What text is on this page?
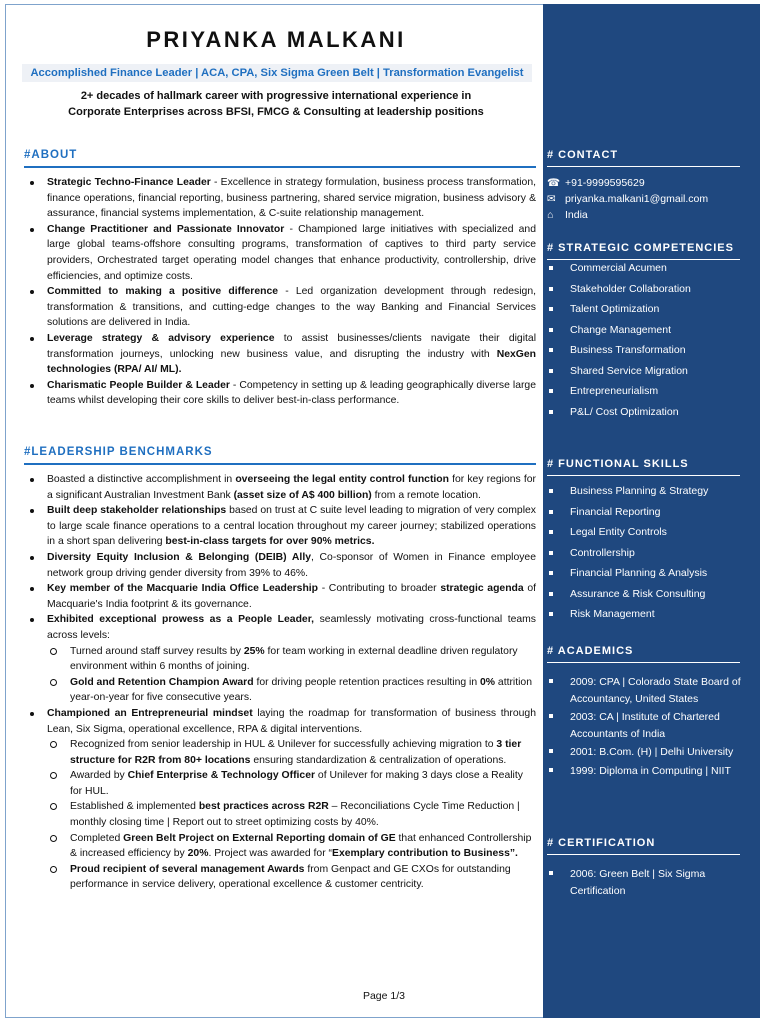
PRIYANKA MALKANI
Accomplished Finance Leader | ACA, CPA, Six Sigma Green Belt | Transformation Evangelist
2+ decades of hallmark career with progressive international experience in Corporate Enterprises across BFSI, FMCG & Consulting at leadership positions
#ABOUT
Strategic Techno-Finance Leader - Excellence in strategy formulation, business process transformation, finance operations, financial reporting, business partnering, shared service migration, business advisory & assurance, financial systems implementation, & C-suite relationship management.
Change Practitioner and Passionate Innovator - Championed large initiatives with specialized and large global teams-offshore consulting programs, transformation of captives to third party service providers, Orchestrated target operating model changes that enhance productivity, controllership, drive efficiencies, and optimize costs.
Committed to making a positive difference - Led organization development through redesign, transformation & transitions, and cutting-edge changes to the way Banking and Financial Services solutions are delivered in India.
Leverage strategy & advisory experience to assist businesses/clients navigate their digital transformation journeys, unlocking new business value, and disrupting the industry with NexGen technologies (RPA/ AI/ ML).
Charismatic People Builder & Leader - Competency in setting up & leading geographically diverse large teams whilst developing their core skills to deliver best-in-class performance.
#LEADERSHIP BENCHMARKS
Boasted a distinctive accomplishment in overseeing the legal entity control function for key regions for a significant Australian Investment Bank (asset size of A$ 400 billion) from a remote location.
Built deep stakeholder relationships based on trust at C suite level leading to migration of very complex to large scale finance operations to a central location throughout my career journey; stabilized operations in a short span delivering best-in-class targets for over 90% metrics.
Diversity Equity Inclusion & Belonging (DEIB) Ally, Co-sponsor of Women in Finance employee network group driving gender diversity from 39% to 46%.
Key member of the Macquarie India Office Leadership - Contributing to broader strategic agenda of Macquarie's India footprint & its governance.
Exhibited exceptional prowess as a People Leader, seamlessly motivating cross-functional teams across levels:
Turned around staff survey results by 25% for team working in external deadline driven regulatory environment within 6 months of joining.
Gold and Retention Champion Award for driving people retention practices resulting in 0% attrition year-on-year for five consecutive years.
Championed an Entrepreneurial mindset laying the roadmap for transformation of business through Lean, Six Sigma, operational excellence, RPA & digital interventions.
Recognized from senior leadership in HUL & Unilever for successfully achieving migration to 3 tier structure for R2R from 80+ locations ensuring standardization & centralization of operations.
Awarded by Chief Enterprise & Technology Officer of Unilever for making 3 days close a Reality for HUL.
Established & implemented best practices across R2R – Reconciliations Cycle Time Reduction | monthly closing time | Report out to street optimizing costs by 40%.
Completed Green Belt Project on External Reporting domain of GE that enhanced Controllership & increased efficiency by 20%. Project was awarded for “Exemplary contribution to Business”.
Proud recipient of several management Awards from Genpact and GE CXOs for outstanding performance in service delivery, operational excellence & customer centricity.
Page 1/3
# CONTACT
☎ +91-9999595629
✉ priyanka.malkani1@gmail.com
⌂ India
# STRATEGIC COMPETENCIES
Commercial Acumen
Stakeholder Collaboration
Talent Optimization
Change Management
Business Transformation
Shared Service Migration
Entrepreneurialism
P&L/ Cost Optimization
# FUNCTIONAL SKILLS
Business Planning & Strategy
Financial Reporting
Legal Entity Controls
Controllership
Financial Planning & Analysis
Assurance & Risk Consulting
Risk Management
# ACADEMICS
2009: CPA | Colorado State Board of Accountancy, United States
2003: CA | Institute of Chartered Accountants of India
2001: B.Com. (H) | Delhi University
1999: Diploma in Computing | NIIT
# CERTIFICATION
2006: Green Belt | Six Sigma Certification
